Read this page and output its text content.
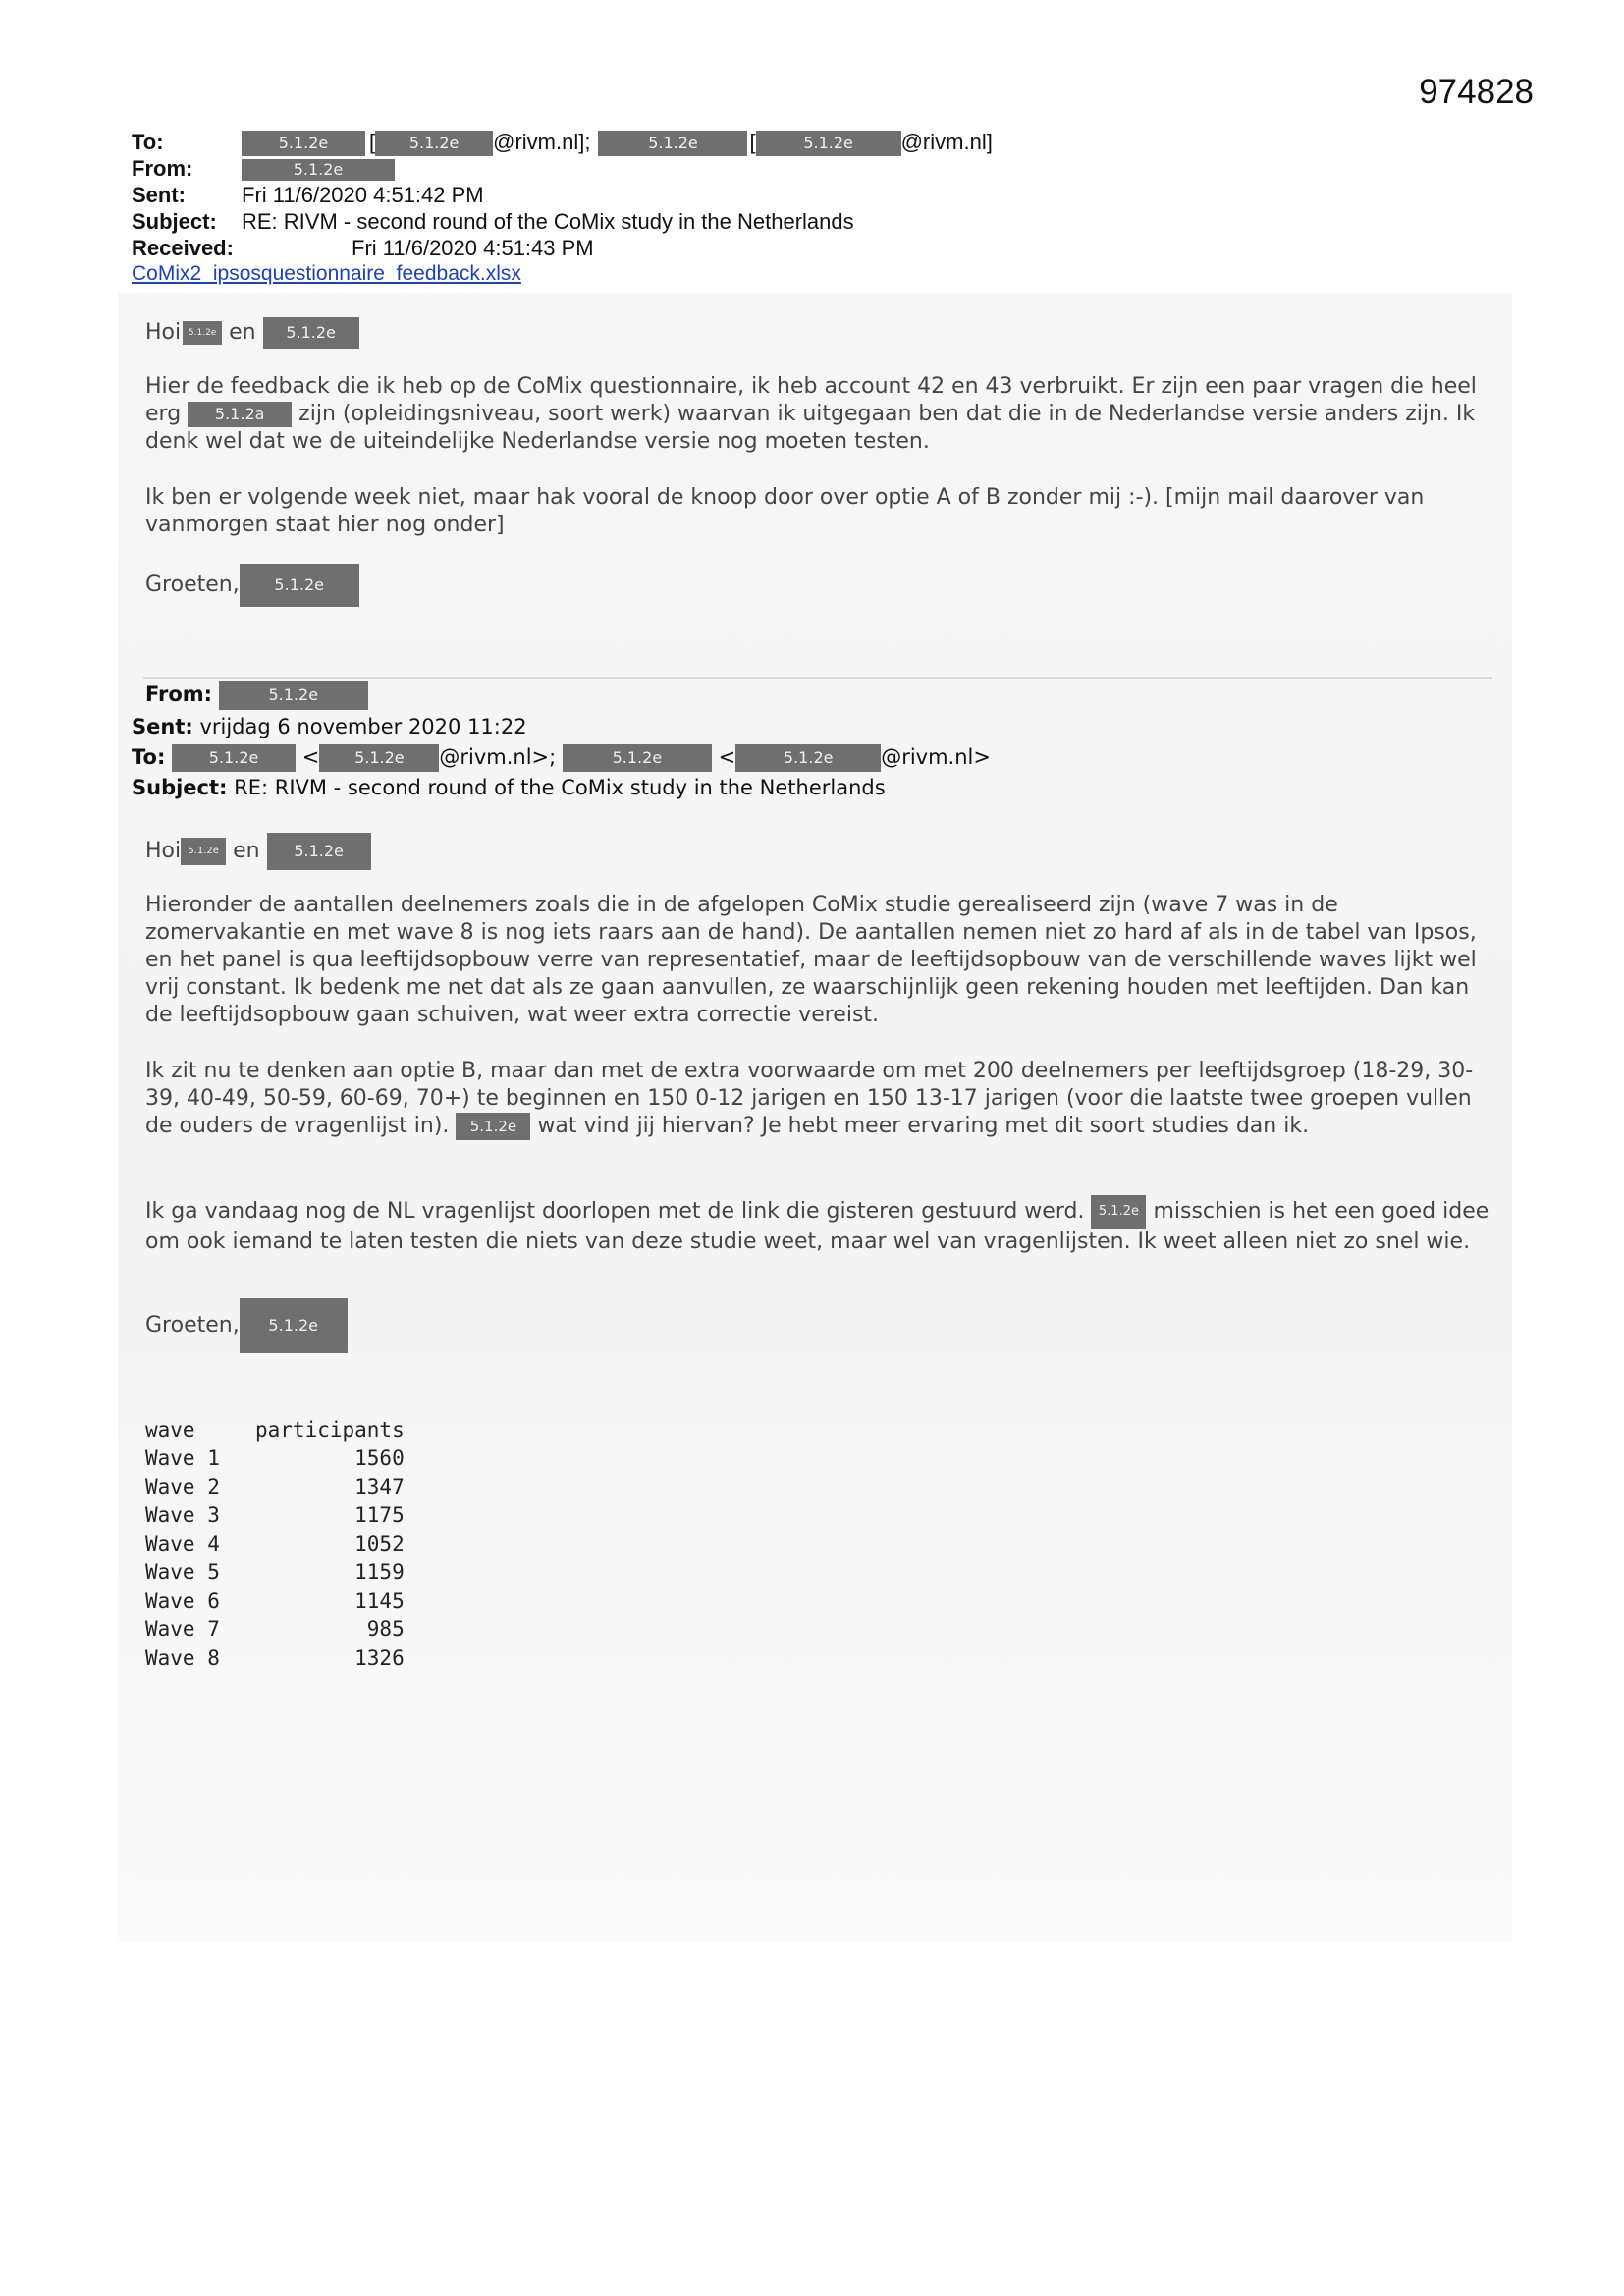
974828
To:	5.1.2e [ 5.1.2e @rivm.nl];	5.1.2e [	5.1.2e @rivm.nl]
From:	5.1.2e
Sent:	Fri 11/6/2020 4:51:42 PM
Subject: RE: RIVM - second round of the CoMix study in the Netherlands
Received:	Fri 11/6/2020 4:51:43 PM
CoMix2_ipsosquestionnaire_feedback.xlsx
Hoi 5.1.2e en 5.1.2e
Hier de feedback die ik heb op de CoMix questionnaire, ik heb account 42 en 43 verbruikt. Er zijn een paar vragen die heel erg 5.1.2a zijn (opleidingsniveau, soort werk) waarvan ik uitgegaan ben dat die in de Nederlandse versie anders zijn. Ik denk wel dat we de uiteindelijke Nederlandse versie nog moeten testen.
Ik ben er volgende week niet, maar hak vooral de knoop door over optie A of B zonder mij :-). [mijn mail daarover van vanmorgen staat hier nog onder]
Groeten, 5.1.2e
From:	5.1.2e
Sent: vrijdag 6 november 2020 11:22
To:	5.1.2e < 5.1.2e @rivm.nl>;	5.1.2e	<	5.1.2e @rivm.nl>
Subject: RE: RIVM - second round of the CoMix study in the Netherlands
Hoi 5.1.2e en 5.1.2e
Hieronder de aantallen deelnemers zoals die in de afgelopen CoMix studie gerealiseerd zijn (wave 7 was in de zomervakantie en met wave 8 is nog iets raars aan de hand). De aantallen nemen niet zo hard af als in de tabel van Ipsos, en het panel is qua leeftijdsopbouw verre van representatief, maar de leeftijdsopbouw van de verschillende waves lijkt wel vrij constant. Ik bedenk me net dat als ze gaan aanvullen, ze waarschijnlijk geen rekening houden met leeftijden. Dan kan de leeftijdsopbouw gaan schuiven, wat weer extra correctie vereist.
Ik zit nu te denken aan optie B, maar dan met de extra voorwaarde om met 200 deelnemers per leeftijdsgroep (18-29, 30-39, 40-49, 50-59, 60-69, 70+) te beginnen en 150 0-12 jarigen en 150 13-17 jarigen (voor die laatste twee groepen vullen de ouders de vragenlijst in). 5.1.2e wat vind jij hiervan? Je hebt meer ervaring met dit soort studies dan ik.
Ik ga vandaag nog de NL vragenlijst doorlopen met de link die gisteren gestuurd werd. 5.1.2e misschien is het een goed idee om ook iemand te laten testen die niets van deze studie weet, maar wel van vragenlijsten. Ik weet alleen niet zo snel wie.
Groeten, 5.1.2e
wave	participants
Wave 1	1560
Wave 2	1347
Wave 3	1175
Wave 4	1052
Wave 5	1159
Wave 6	1145
Wave 7	985
Wave 8	1326
